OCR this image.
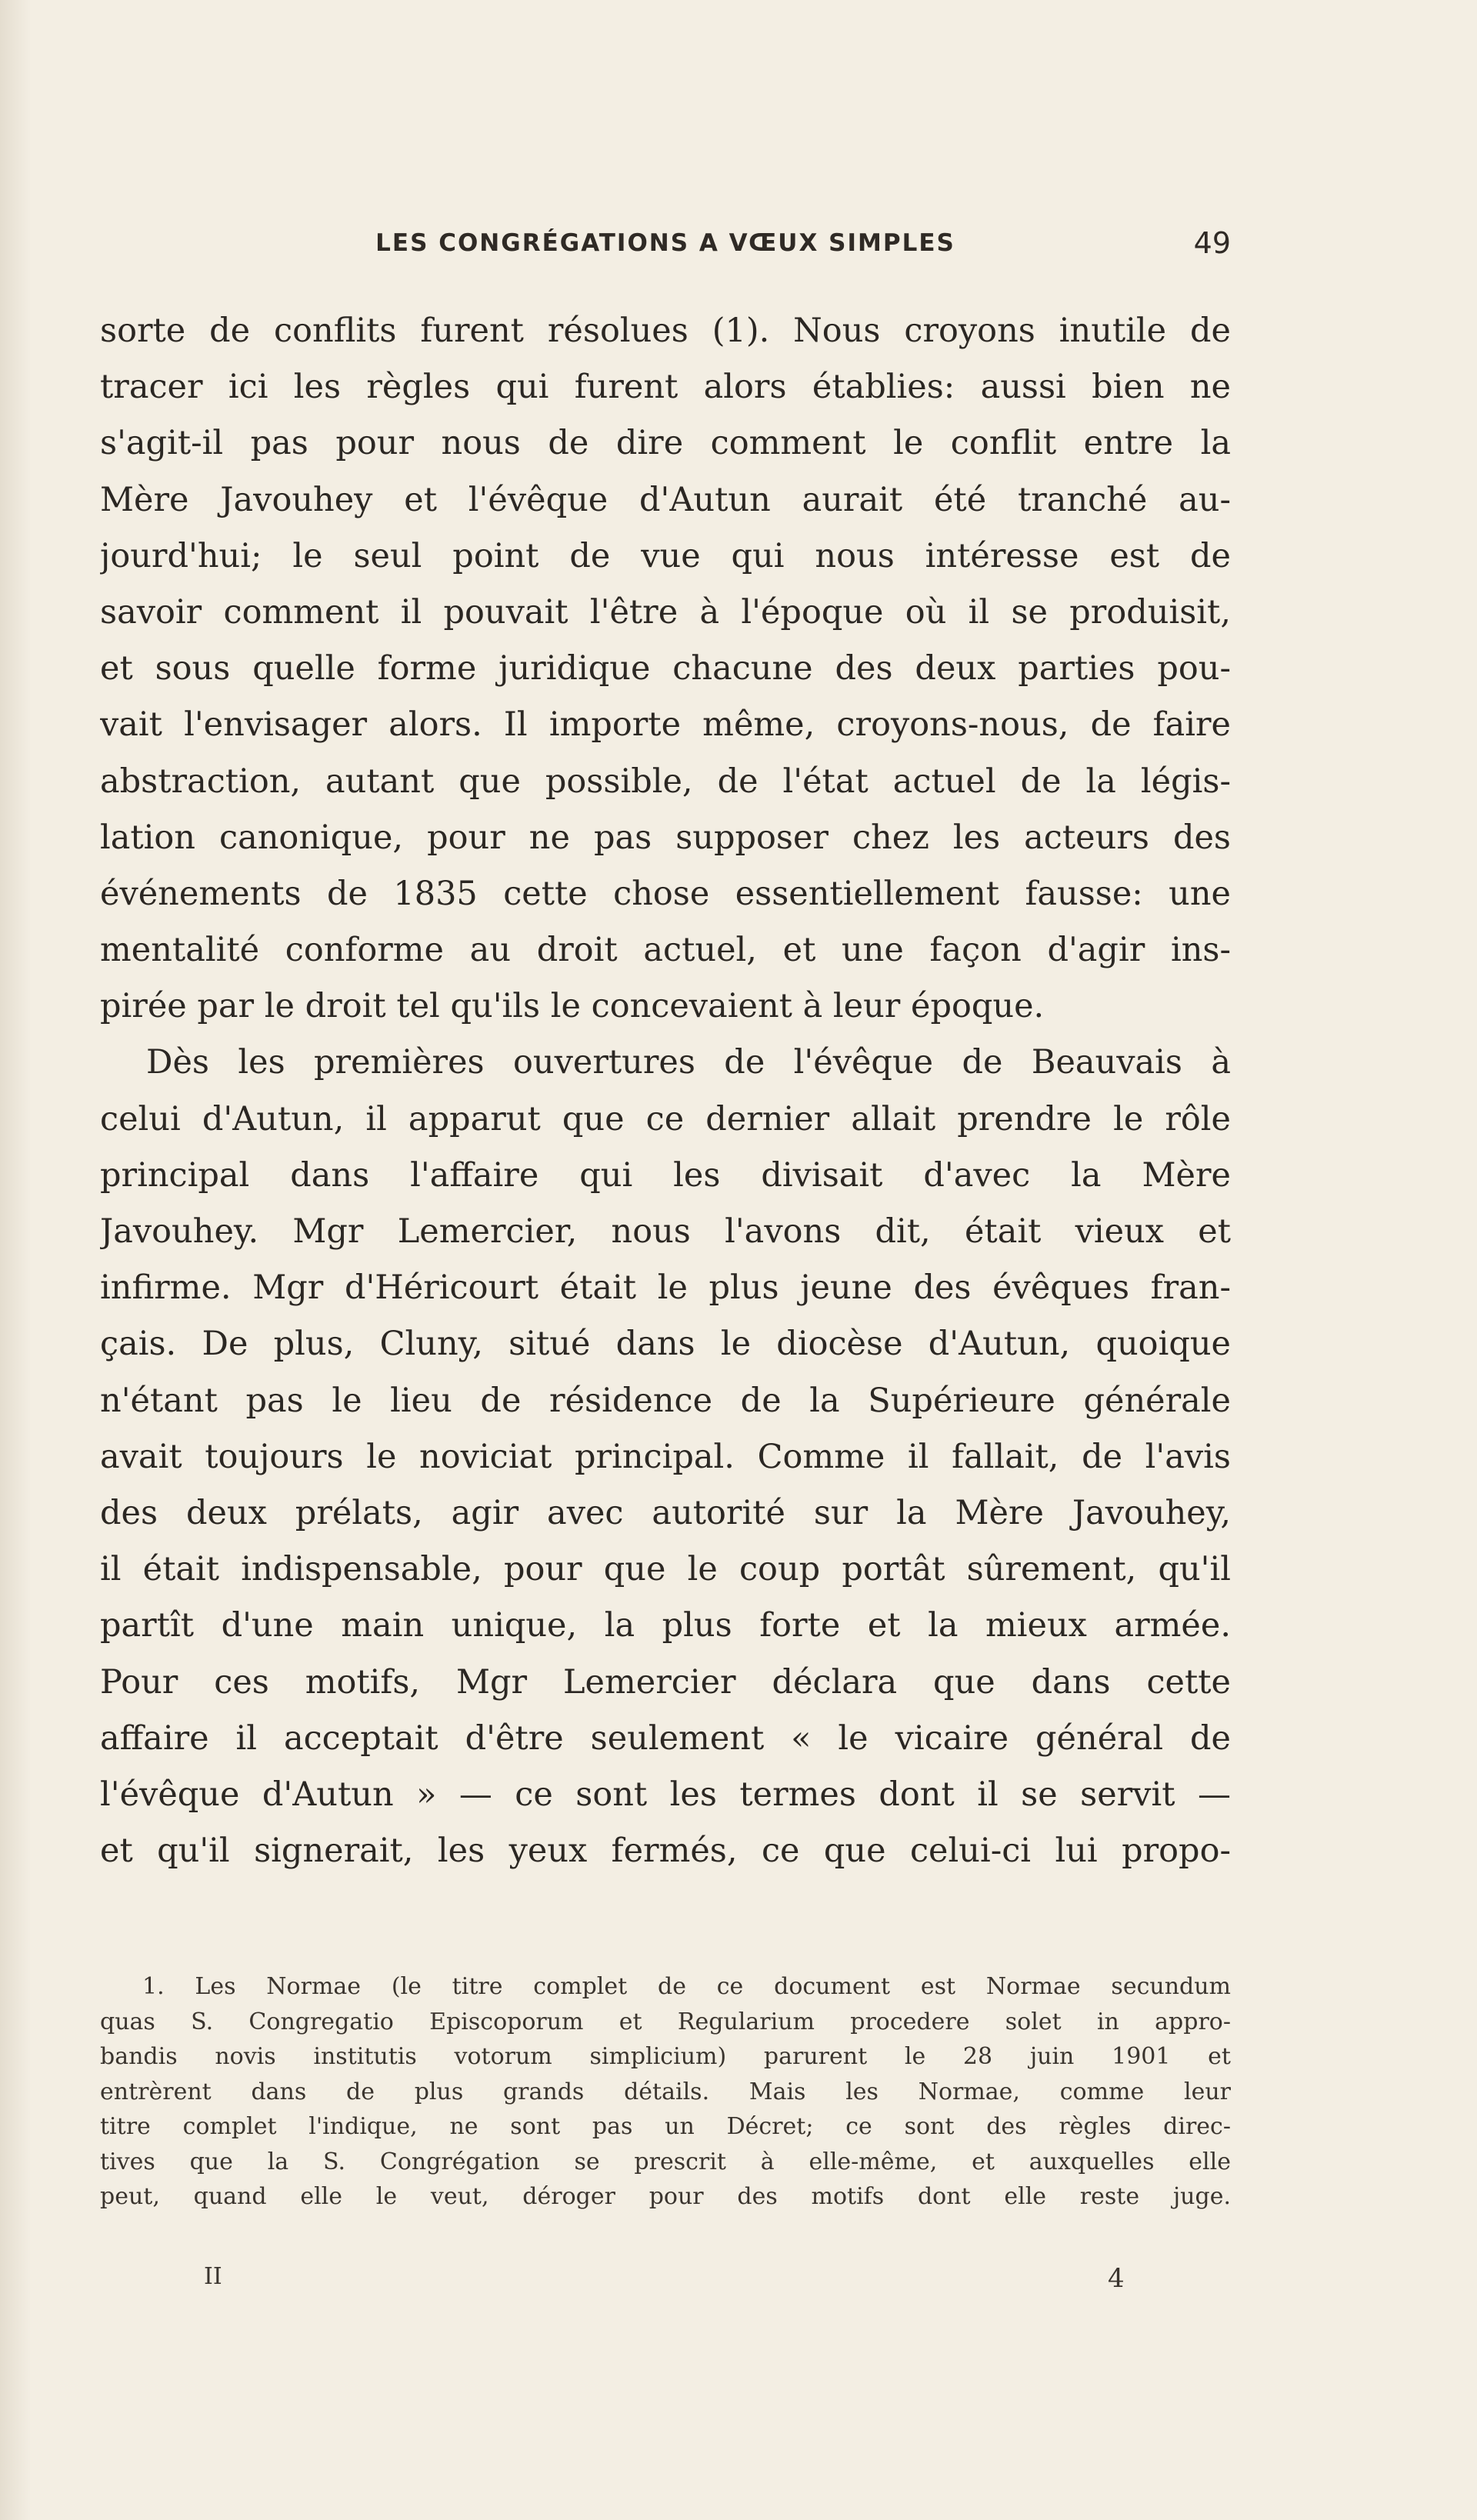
LES CONGRÉGATIONS A VŒUX SIMPLES	49
sorte de conflits furent résolues (1). Nous croyons inutile de
tracer ici les règles qui furent alors établies: aussi bien ne
s'agit-il pas pour nous de dire comment le conflit entre la
Mère Javouhey et l'évêque d'Autun aurait été tranché au-
jourd'hui; le seul point de vue qui nous intéresse est de
savoir comment il pouvait l'être à l'époque où il se produisit,
et sous quelle forme juridique chacune des deux parties pou-
vait l'envisager alors. Il importe même, croyons-nous, de faire
abstraction, autant que possible, de l'état actuel de la légis-
lation canonique, pour ne pas supposer chez les acteurs des
événements de 1835 cette chose essentiellement fausse: une
mentalité conforme au droit actuel, et une façon d'agir ins-
pirée par le droit tel qu'ils le concevaient à leur époque.
Dès les premières ouvertures de l'évêque de Beauvais à
celui d'Autun, il apparut que ce dernier allait prendre le rôle
principal dans l'affaire qui les divisait d'avec la Mère
Javouhey. Mgr Lemercier, nous l'avons dit, était vieux et
infirme. Mgr d'Héricourt était le plus jeune des évêques fran-
çais. De plus, Cluny, situé dans le diocèse d'Autun, quoique
n'étant pas le lieu de résidence de la Supérieure générale
avait toujours le noviciat principal. Comme il fallait, de l'avis
des deux prélats, agir avec autorité sur la Mère Javouhey,
il était indispensable, pour que le coup portât sûrement, qu'il
partît d'une main unique, la plus forte et la mieux armée.
Pour ces motifs, Mgr Lemercier déclara que dans cette
affaire il acceptait d'être seulement « le vicaire général de
l'évêque d'Autun » — ce sont les termes dont il se servit —
et qu'il signerait, les yeux fermés, ce que celui-ci lui propo-
1. Les Normae (le titre complet de ce document est Normae secundum
quas S. Congregatio Episcoporum et Regularium procedere solet in appro-
bandis novis institutis votorum simplicium) parurent le 28 juin 1901 et
entrèrent dans de plus grands détails. Mais les Normae, comme leur
titre complet l'indique, ne sont pas un Décret; ce sont des règles direc-
tives que la S. Congrégation se prescrit à elle-même, et auxquelles elle
peut, quand elle le veut, déroger pour des motifs dont elle reste juge.
II	4
